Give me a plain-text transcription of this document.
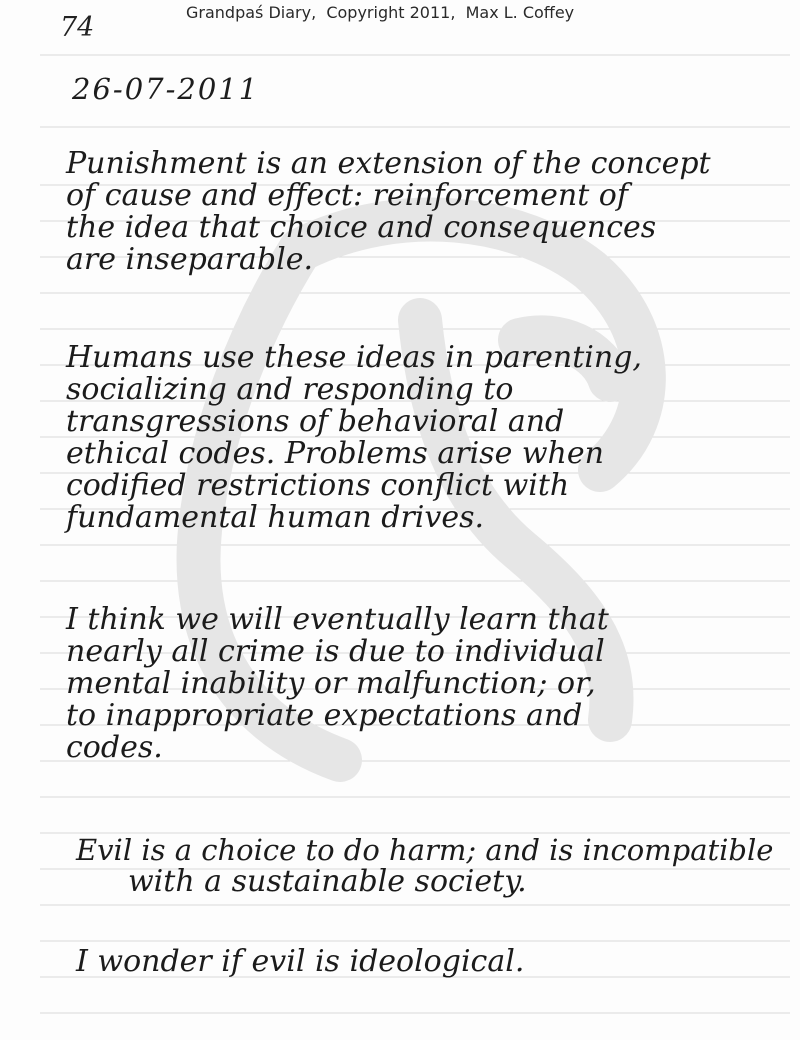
Grandpaś Diary,  Copyright 2011,  Max L. Coffey
74
26-07-2011
Punishment is an extension of the concept
of cause and effect: reinforcement of
the idea that choice and consequences
are inseparable.
Humans use these ideas in parenting,
socializing and responding to
transgressions of behavioral and
ethical codes. Problems arise when
codified restrictions conflict with
fundamental human drives.
I think we will eventually learn that
nearly all crime is due to individual
mental inability or malfunction; or,
to inappropriate expectations and
codes.
Evil is a choice to do harm; and is incompatible
with a sustainable society.
I wonder if evil is ideological.
